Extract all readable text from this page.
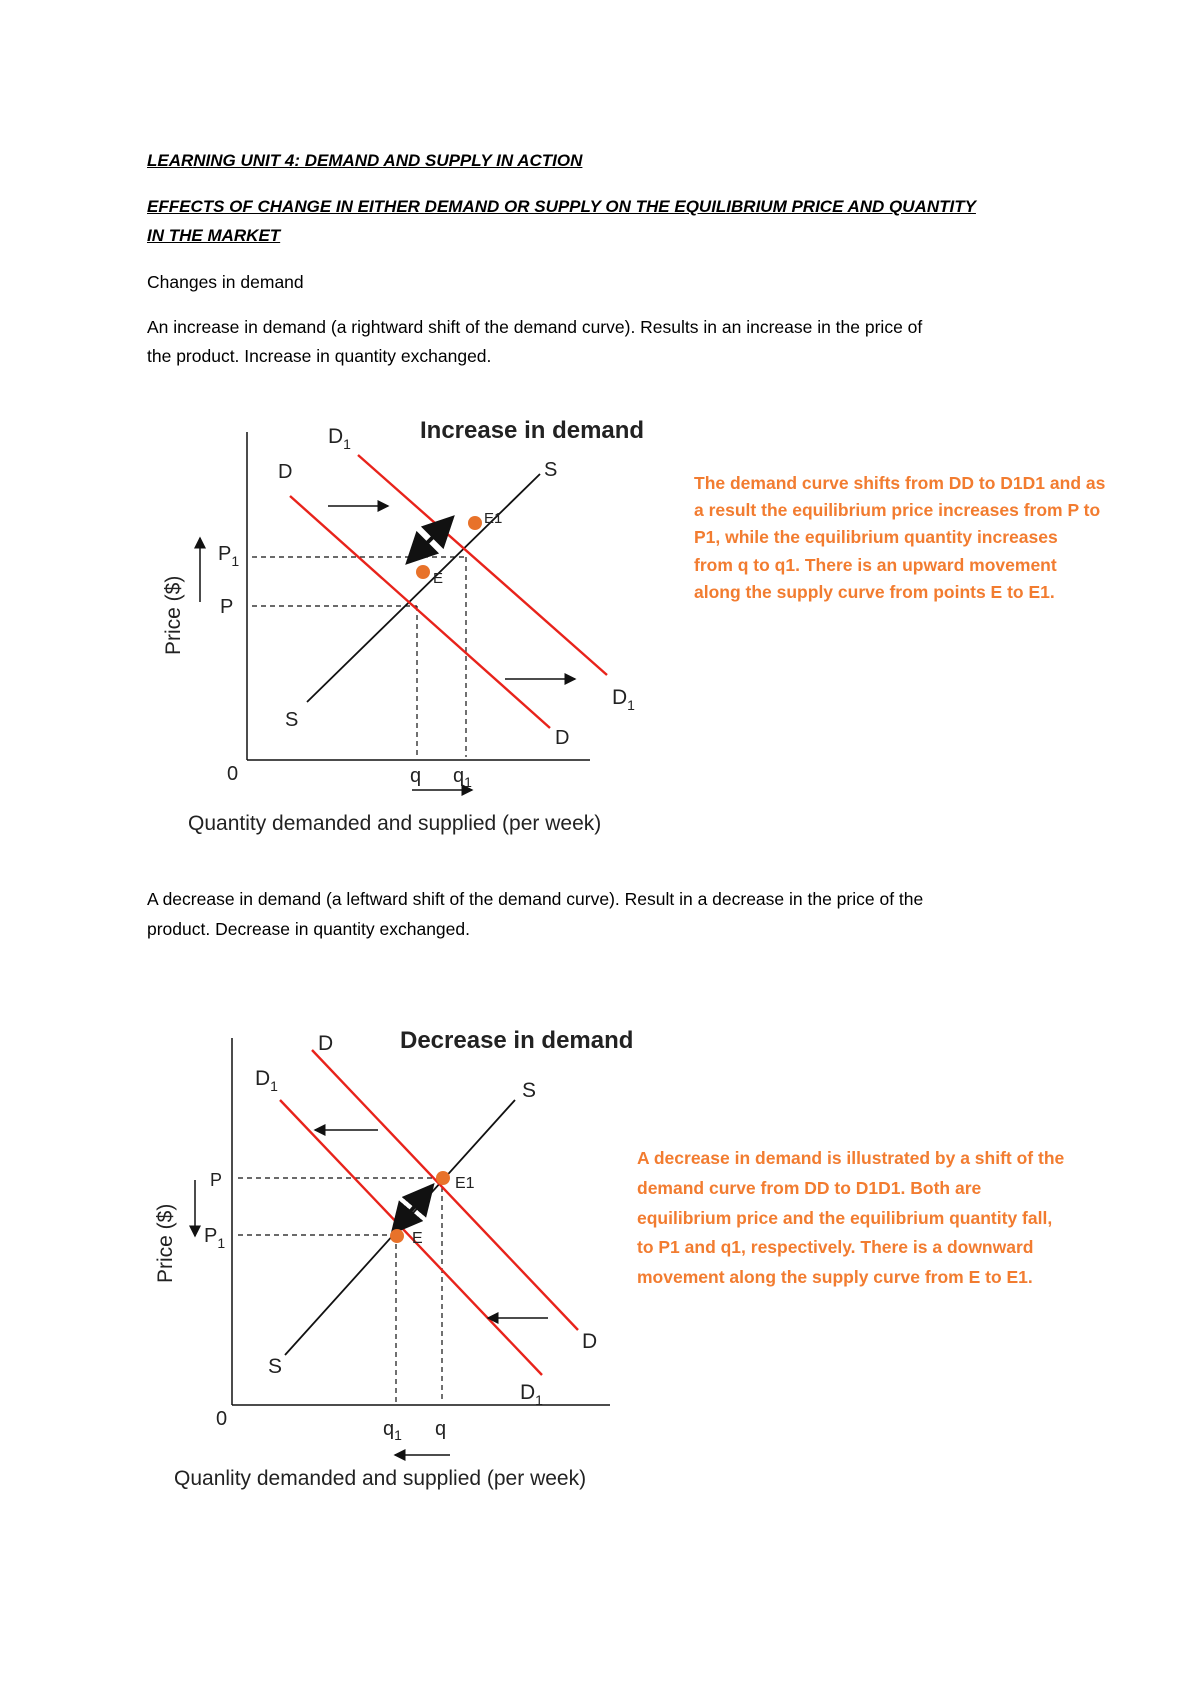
LEARNING UNIT 4: DEMAND AND SUPPLY IN ACTION

EFFECTS OF CHANGE IN EITHER DEMAND OR SUPPLY ON THE EQUILIBRIUM PRICE AND QUANTITY

IN THE MARKET

Changes in demand

An increase in demand (a rightward shift of the demand curve). Results in an increase in the price of

the product. Increase in quantity exchanged.

Increase in demand
Price ($)
Quantity demanded and supplied (per week)
0
D
$D_1$
S
S
D
$D_1$
$P_1$
P
q $q_1$
E1
E

The demand curve shifts from DD to D1D1 and as

a result the equilibrium price increases from P to

P1, while the equilibrium quantity increases

from q to q1. There is an upward movement

along the supply curve from points E to E1.

A decrease in demand (a leftward shift of the demand curve). Result in a decrease in the price of the

product. Decrease in quantity exchanged.

Decrease in demand
Price ($)
Quanlity demanded and supplied (per week)
0
D
$D_1$	S
S
D
$D_1$
P
$P_1$
$q_1$ q
E1
E

A decrease in demand is illustrated by a shift of the

demand curve from DD to D1D1. Both are

equilibrium price and the equilibrium quantity fall,

to P1 and q1, respectively. There is a downward

movement along the supply curve from E to E1.
